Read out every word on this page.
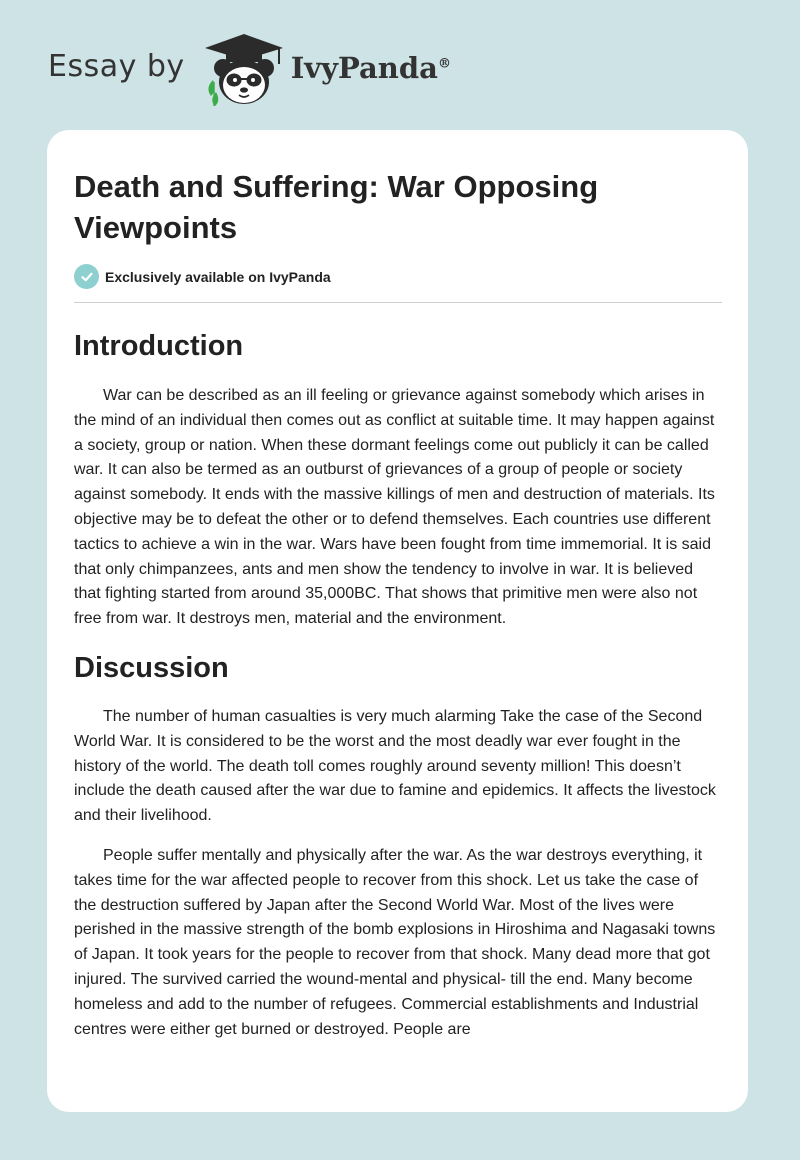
Essay by	IvyPanda®
Death and Suffering: War Opposing Viewpoints
Exclusively available on IvyPanda
Introduction

War can be described as an ill feeling or grievance against somebody which arises in the mind of an individual then comes out as conflict at suitable time. It may happen against a society, group or nation. When these dormant feelings come out publicly it can be called war. It can also be termed as an outburst of grievances of a group of people or society against somebody. It ends with the massive killings of men and destruction of materials. Its objective may be to defeat the other or to defend themselves. Each countries use different tactics to achieve a win in the war. Wars have been fought from time immemorial. It is said that only chimpanzees, ants and men show the tendency to involve in war. It is believed that fighting started from around 35,000BC. That shows that primitive men were also not free from war. It destroys men, material and the environment.

Discussion

The number of human casualties is very much alarming Take the case of the Second World War. It is considered to be the worst and the most deadly war ever fought in the history of the world. The death toll comes roughly around seventy million! This doesn’t include the death caused after the war due to famine and epidemics. It affects the livestock and their livelihood.

People suffer mentally and physically after the war. As the war destroys everything, it takes time for the war affected people to recover from this shock. Let us take the case of the destruction suffered by Japan after the Second World War. Most of the lives were perished in the massive strength of the bomb explosions in Hiroshima and Nagasaki towns of Japan. It took years for the people to recover from that shock. Many dead more that got injured. The survived carried the wound-mental and physical- till the end. Many become homeless and add to the number of refugees. Commercial establishments and Industrial centres were either get burned or destroyed. People are
